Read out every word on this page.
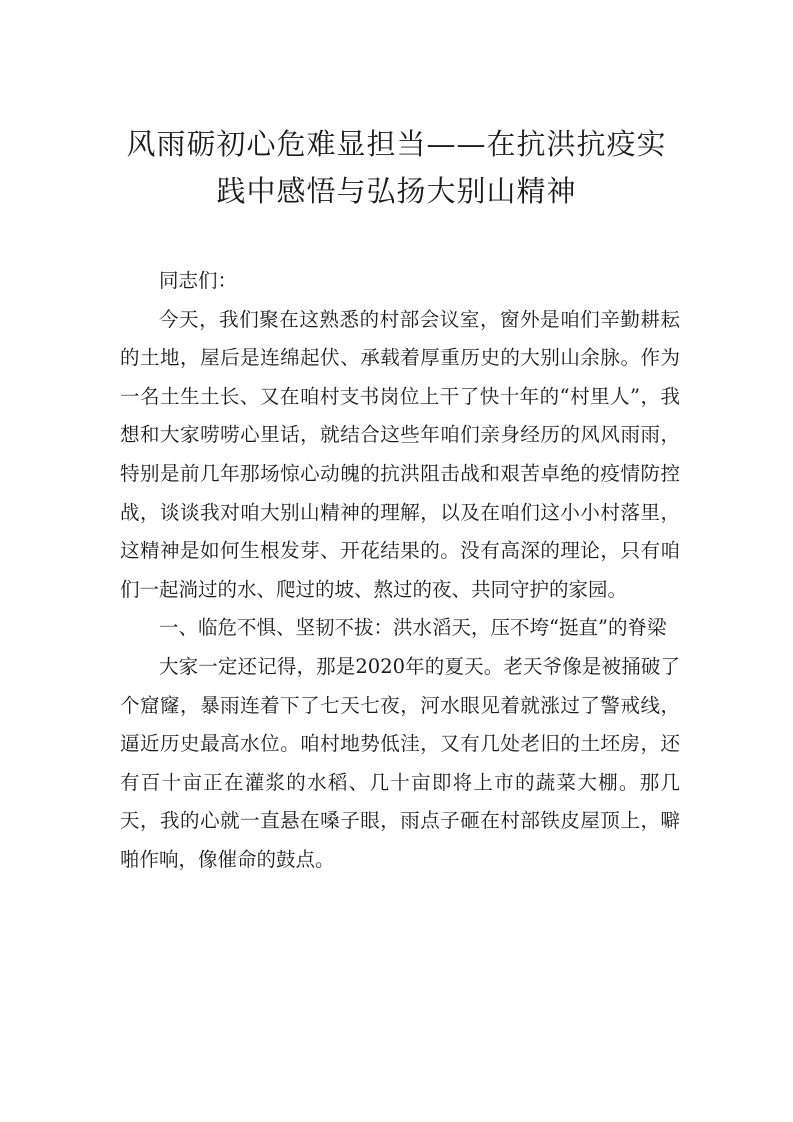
风雨砺初心危难显担当——在抗洪抗疫实
践中感悟与弘扬大别山精神

同志们：

今天，我们聚在这熟悉的村部会议室，窗外是咱们辛勤耕耘的土地，屋后是连绵起伏、承载着厚重历史的大别山余脉。作为一名土生土长、又在咱村支书岗位上干了快十年的“村里人”，我想和大家唠唠心里话，就结合这些年咱们亲身经历的风风雨雨，特别是前几年那场惊心动魄的抗洪阻击战和艰苦卓绝的疫情防控战，谈谈我对咱大别山精神的理解，以及在咱们这小小村落里，这精神是如何生根发芽、开花结果的。没有高深的理论，只有咱们一起淌过的水、爬过的坡、熬过的夜、共同守护的家园。

一、临危不惧、坚韧不拔：洪水滔天，压不垮“挺直”的脊梁

大家一定还记得，那是2020年的夏天。老天爷像是被捅破了个窟窿，暴雨连着下了七天七夜，河水眼见着就涨过了警戒线，逼近历史最高水位。咱村地势低洼，又有几处老旧的土坯房，还有百十亩正在灌浆的水稻、几十亩即将上市的蔬菜大棚。那几天，我的心就一直悬在嗓子眼，雨点子砸在村部铁皮屋顶上，噼啪作响，像催命的鼓点。
